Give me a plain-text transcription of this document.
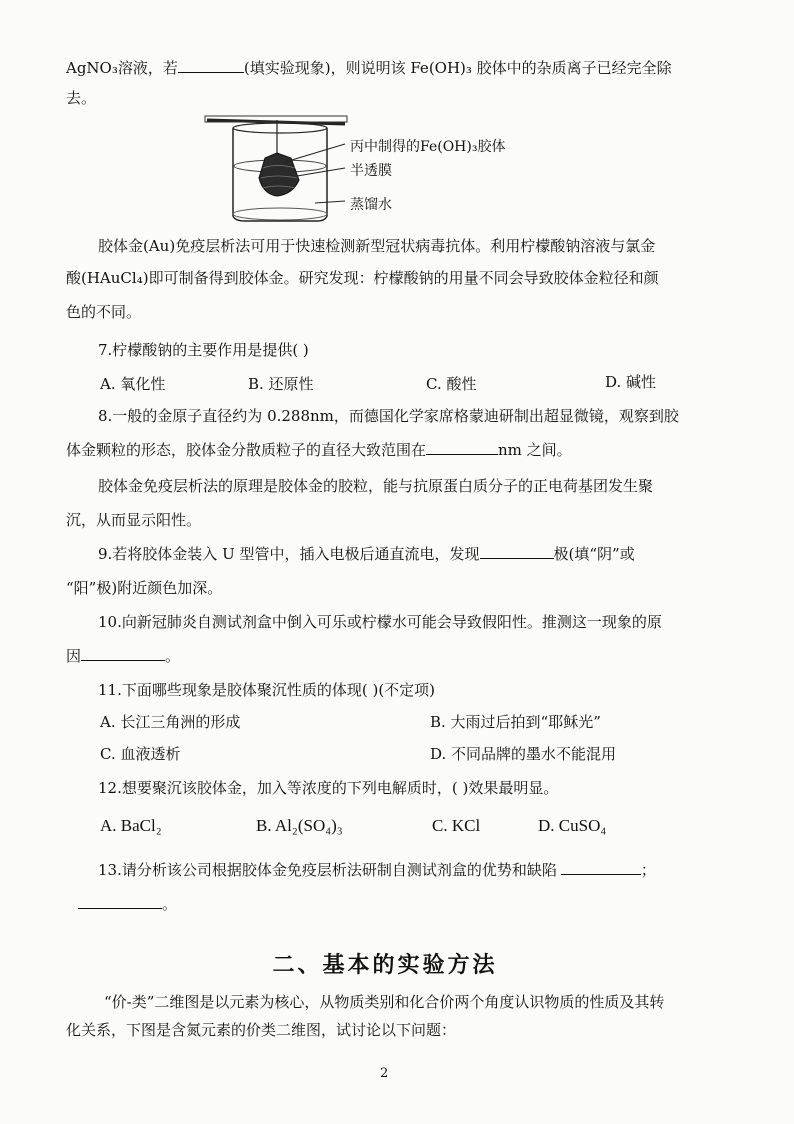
AgNO₃溶液，若	(填实验现象)，则说明该 Fe(OH)₃ 胶体中的杂质离子已经完全除
去。
丙中制得的Fe(OH)₃胶体
半透膜
蒸馏水
胶体金(Au)免疫层析法可用于快速检测新型冠状病毒抗体。利用柠檬酸钠溶液与氯金
酸(HAuCl₄)即可制备得到胶体金。研究发现：柠檬酸钠的用量不同会导致胶体金粒径和颜
色的不同。
7.柠檬酸钠的主要作用是提供( )
A. 氧化性	B. 还原性	C. 酸性	D. 碱性
8.一般的金原子直径约为 0.288nm，而德国化学家席格蒙迪研制出超显微镜，观察到胶
体金颗粒的形态，胶体金分散质粒子的直径大致范围在	nm 之间。
胶体金免疫层析法的原理是胶体金的胶粒，能与抗原蛋白质分子的正电荷基团发生聚
沉，从而显示阳性。
9.若将胶体金装入 U 型管中，插入电极后通直流电，发现	极(填“阴”或
“阳”极)附近颜色加深。
10.向新冠肺炎自测试剂盒中倒入可乐或柠檬水可能会导致假阳性。推测这一现象的原
因	。
11.下面哪些现象是胶体聚沉性质的体现( )(不定项)
A. 长江三角洲的形成	B. 大雨过后拍到“耶稣光”
C. 血液透析	D. 不同品牌的墨水不能混用
12.想要聚沉该胶体金，加入等浓度的下列电解质时，( )效果最明显。
A. BaCl₂	B. Al₂(SO₄)₃	C. KCl	D. CuSO₄
13.请分析该公司根据胶体金免疫层析法研制自测试剂盒的优势和缺陷	；
。
二、基本的实验方法
“价-类”二维图是以元素为核心，从物质类别和化合价两个角度认识物质的性质及其转
化关系，下图是含氮元素的价类二维图，试讨论以下问题：
2
